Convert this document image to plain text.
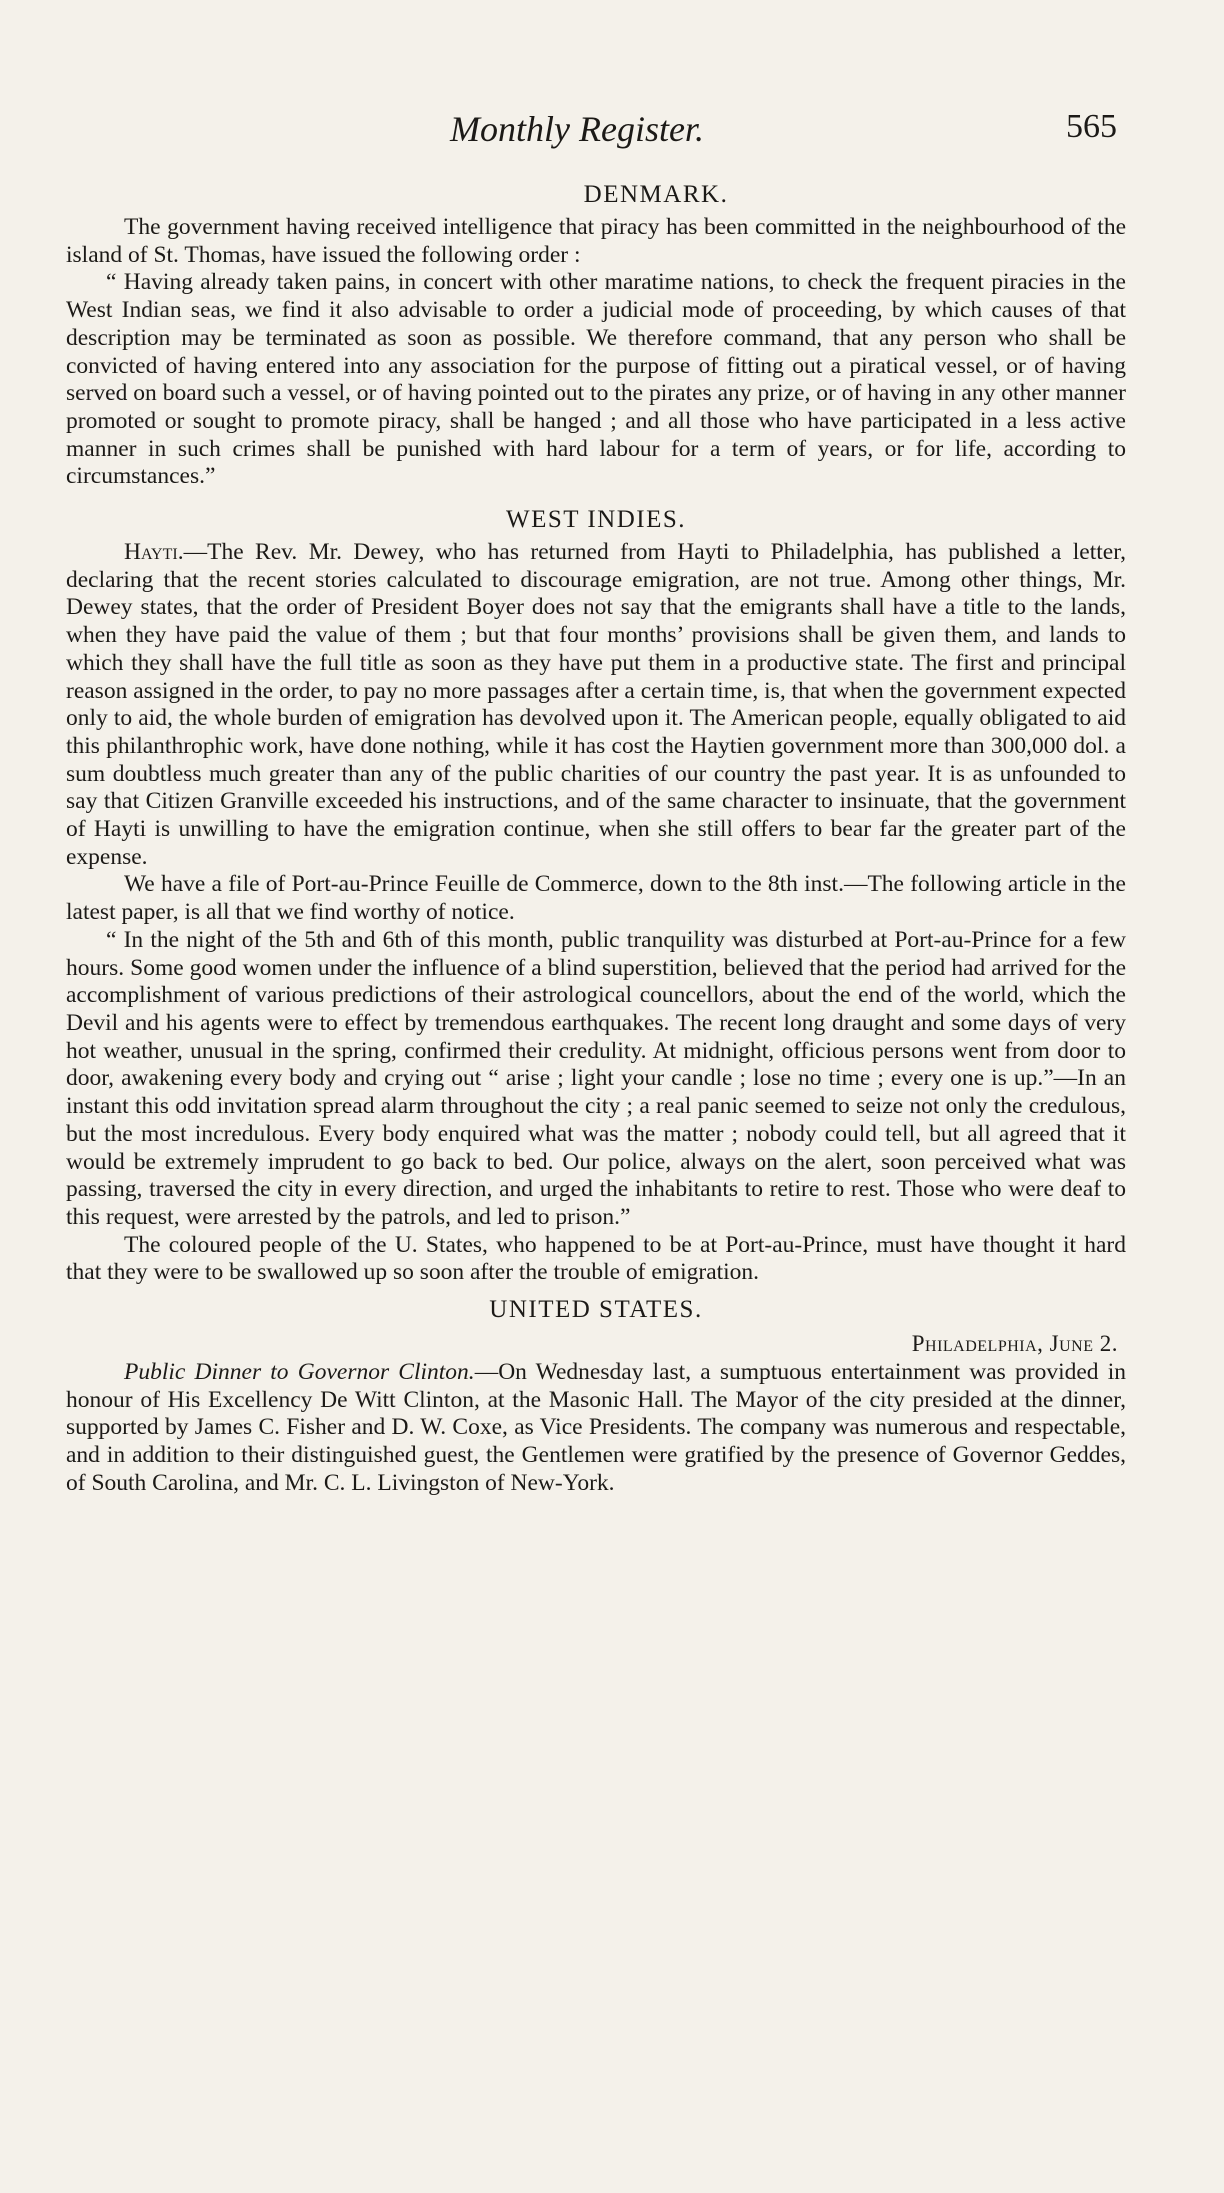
Monthly Register.	565
DENMARK.

The government having received intelligence that piracy has been committed in the neighbourhood of the island of St. Thomas, have issued the following order :

“ Having already taken pains, in concert with other maratime nations, to check the frequent piracies in the West Indian seas, we find it also advisable to order a judicial mode of proceeding, by which causes of that description may be terminated as soon as possible. We therefore command, that any person who shall be convicted of having entered into any association for the purpose of fitting out a piratical vessel, or of having served on board such a vessel, or of having pointed out to the pirates any prize, or of having in any other manner promoted or sought to promote piracy, shall be hanged ; and all those who have participated in a less active manner in such crimes shall be punished with hard labour for a term of years, or for life, according to circumstances.”

WEST INDIES.

Hayti.—The Rev. Mr. Dewey, who has returned from Hayti to Philadelphia, has published a letter, declaring that the recent stories calculated to discourage emigration, are not true. Among other things, Mr. Dewey states, that the order of President Boyer does not say that the emigrants shall have a title to the lands, when they have paid the value of them ; but that four months’ provisions shall be given them, and lands to which they shall have the full title as soon as they have put them in a productive state. The first and principal reason assigned in the order, to pay no more passages after a certain time, is, that when the government expected only to aid, the whole burden of emigration has devolved upon it. The American people, equally obligated to aid this philanthrophic work, have done nothing, while it has cost the Haytien government more than 300,000 dol. a sum doubtless much greater than any of the public charities of our country the past year. It is as unfounded to say that Citizen Granville exceeded his instructions, and of the same character to insinuate, that the government of Hayti is unwilling to have the emigration continue, when she still offers to bear far the greater part of the expense.

We have a file of Port-au-Prince Feuille de Commerce, down to the 8th inst.—The following article in the latest paper, is all that we find worthy of notice.

“ In the night of the 5th and 6th of this month, public tranquility was disturbed at Port-au-Prince for a few hours. Some good women under the influence of a blind superstition, believed that the period had arrived for the accomplishment of various predictions of their astrological councellors, about the end of the world, which the Devil and his agents were to effect by tremendous earthquakes. The recent long draught and some days of very hot weather, unusual in the spring, confirmed their credulity. At midnight, officious persons went from door to door, awakening every body and crying out “ arise ; light your candle ; lose no time ; every one is up.”—In an instant this odd invitation spread alarm throughout the city ; a real panic seemed to seize not only the credulous, but the most incredulous. Every body enquired what was the matter ; nobody could tell, but all agreed that it would be extremely imprudent to go back to bed. Our police, always on the alert, soon perceived what was passing, traversed the city in every direction, and urged the inhabitants to retire to rest. Those who were deaf to this request, were arrested by the patrols, and led to prison.”

The coloured people of the U. States, who happened to be at Port-au-Prince, must have thought it hard that they were to be swallowed up so soon after the trouble of emigration.

UNITED STATES.

Philadelphia, June 2.

Public Dinner to Governor Clinton.—On Wednesday last, a sumptuous entertainment was provided in honour of His Excellency De Witt Clinton, at the Masonic Hall. The Mayor of the city presided at the dinner, supported by James C. Fisher and D. W. Coxe, as Vice Presidents. The company was numerous and respectable, and in addition to their distinguished guest, the Gentlemen were gratified by the presence of Governor Geddes, of South Carolina, and Mr. C. L. Livingston of New-York.
